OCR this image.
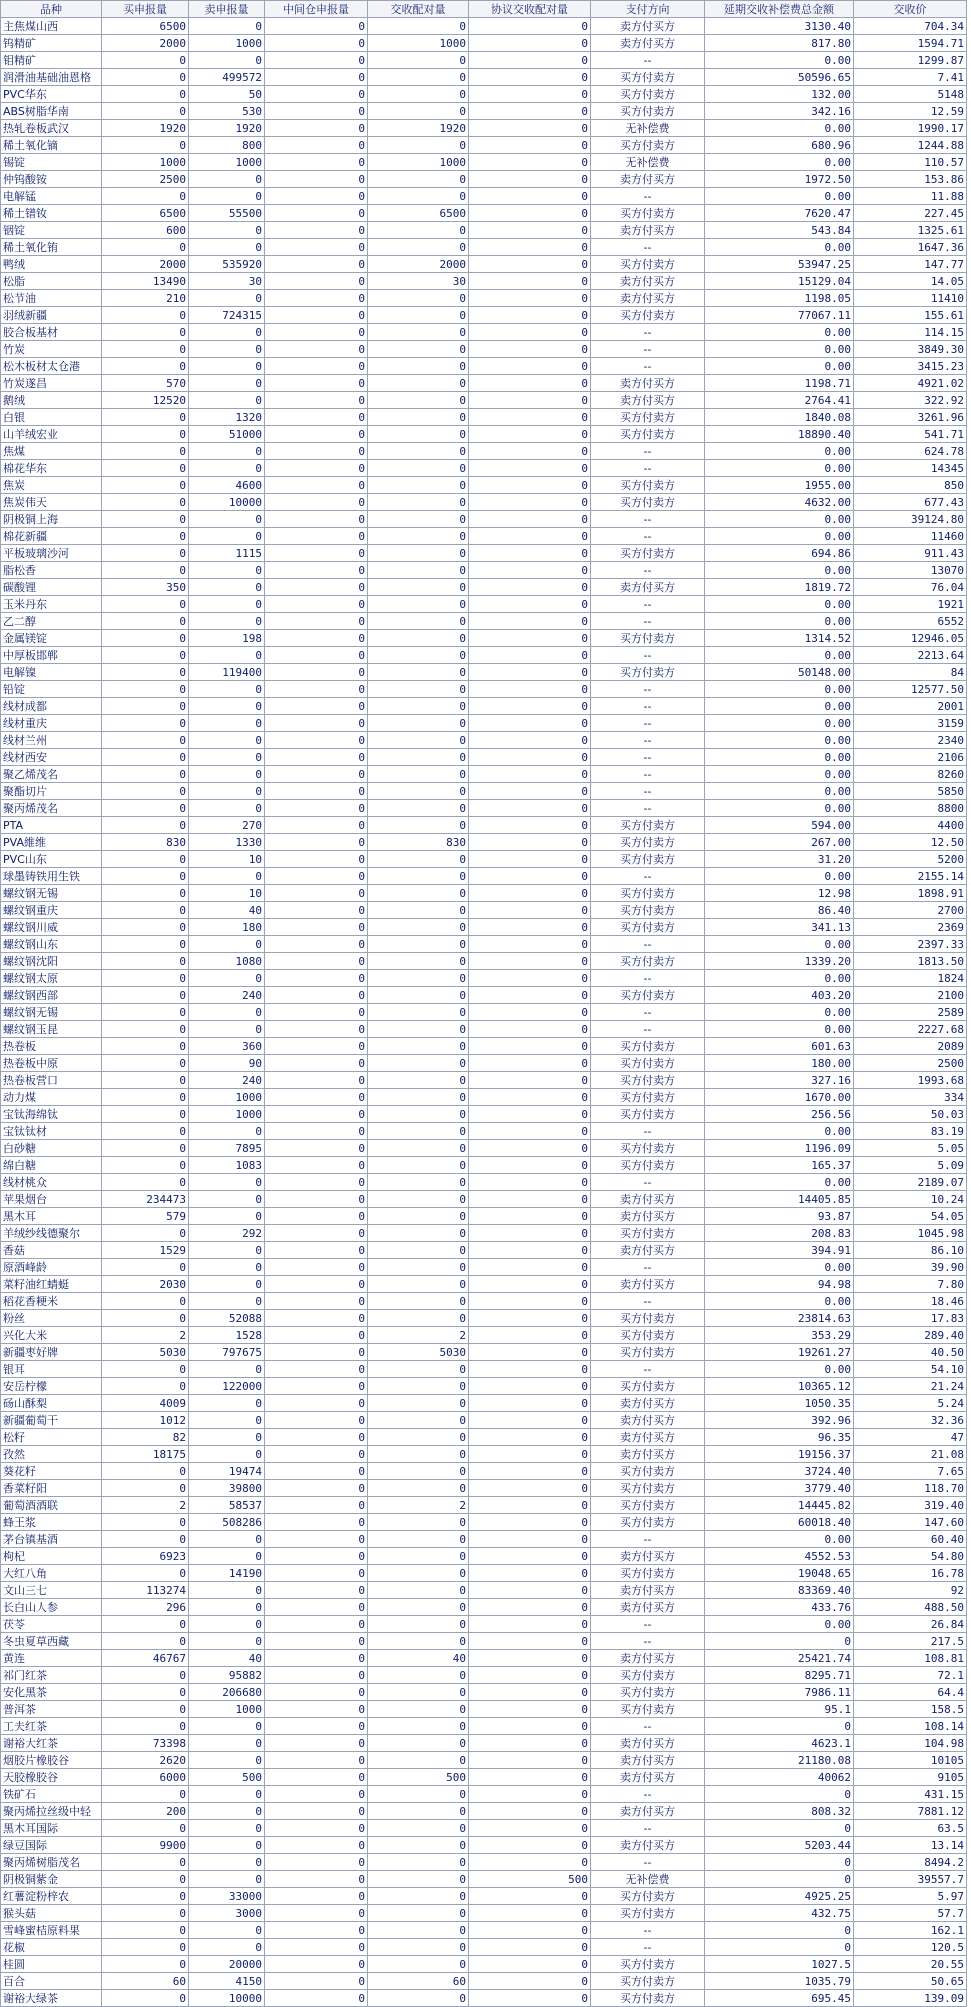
品种	买申报量	卖申报量	中间仓申报量	交收配对量	协议交收配对量	支付方向	延期交收补偿费总金额	交收价
主焦煤山西	6500	0	0	0	0	卖方付买方	3130.40	704.34
钨精矿	2000	1000	0	1000	0	卖方付买方	817.80	1594.71
钼精矿	0	0	0	0	0	--	0.00	1299.87
润滑油基础油恩格	0	499572	0	0	0	买方付卖方	50596.65	7.41
PVC华东	0	50	0	0	0	买方付卖方	132.00	5148
ABS树脂华南	0	530	0	0	0	买方付卖方	342.16	12.59
热轧卷板武汉	1920	1920	0	1920	0	无补偿费	0.00	1990.17
稀土氧化镝	0	800	0	0	0	买方付卖方	680.96	1244.88
锡锭	1000	1000	0	1000	0	无补偿费	0.00	110.57
仲钨酸铵	2500	0	0	0	0	卖方付买方	1972.50	153.86
电解锰	0	0	0	0	0	--	0.00	11.88
稀土镨钕	6500	55500	0	6500	0	买方付卖方	7620.47	227.45
铟锭	600	0	0	0	0	卖方付买方	543.84	1325.61
稀土氧化铕	0	0	0	0	0	--	0.00	1647.36
鸭绒	2000	535920	0	2000	0	买方付卖方	53947.25	147.77
松脂	13490	30	0	30	0	卖方付买方	15129.04	14.05
松节油	210	0	0	0	0	卖方付买方	1198.05	11410
羽绒新疆	0	724315	0	0	0	买方付卖方	77067.11	155.61
胶合板基材	0	0	0	0	0	--	0.00	114.15
竹炭	0	0	0	0	0	--	0.00	3849.30
松木板材太仓港	0	0	0	0	0	--	0.00	3415.23
竹炭遂昌	570	0	0	0	0	卖方付买方	1198.71	4921.02
鹅绒	12520	0	0	0	0	卖方付买方	2764.41	322.92
白银	0	1320	0	0	0	买方付卖方	1840.08	3261.96
山羊绒宏业	0	51000	0	0	0	买方付卖方	18890.40	541.71
焦煤	0	0	0	0	0	--	0.00	624.78
棉花华东	0	0	0	0	0	--	0.00	14345
焦炭	0	4600	0	0	0	买方付卖方	1955.00	850
焦炭伟天	0	10000	0	0	0	买方付卖方	4632.00	677.43
阴极铜上海	0	0	0	0	0	--	0.00	39124.80
棉花新疆	0	0	0	0	0	--	0.00	11460
平板玻璃沙河	0	1115	0	0	0	买方付卖方	694.86	911.43
脂松香	0	0	0	0	0	--	0.00	13070
碳酸锂	350	0	0	0	0	卖方付买方	1819.72	76.04
玉米丹东	0	0	0	0	0	--	0.00	1921
乙二醇	0	0	0	0	0	--	0.00	6552
金属镁锭	0	198	0	0	0	买方付卖方	1314.52	12946.05
中厚板邯郸	0	0	0	0	0	--	0.00	2213.64
电解镍	0	119400	0	0	0	买方付卖方	50148.00	84
铅锭	0	0	0	0	0	--	0.00	12577.50
线材成都	0	0	0	0	0	--	0.00	2001
线材重庆	0	0	0	0	0	--	0.00	3159
线材兰州	0	0	0	0	0	--	0.00	2340
线材西安	0	0	0	0	0	--	0.00	2106
聚乙烯茂名	0	0	0	0	0	--	0.00	8260
聚酯切片	0	0	0	0	0	--	0.00	5850
聚丙烯茂名	0	0	0	0	0	--	0.00	8800
PTA	0	270	0	0	0	买方付卖方	594.00	4400
PVA維维	830	1330	0	830	0	买方付卖方	267.00	12.50
PVC山东	0	10	0	0	0	买方付卖方	31.20	5200
球墨铸铁用生铁	0	0	0	0	0	--	0.00	2155.14
螺纹钢无锡	0	10	0	0	0	买方付卖方	12.98	1898.91
螺纹钢重庆	0	40	0	0	0	买方付卖方	86.40	2700
螺纹钢川威	0	180	0	0	0	买方付卖方	341.13	2369
螺纹钢山东	0	0	0	0	0	--	0.00	2397.33
螺纹钢沈阳	0	1080	0	0	0	买方付卖方	1339.20	1813.50
螺纹钢太原	0	0	0	0	0	--	0.00	1824
螺纹钢西部	0	240	0	0	0	买方付卖方	403.20	2100
螺纹钢无锡	0	0	0	0	0	--	0.00	2589
螺纹钢玉昆	0	0	0	0	0	--	0.00	2227.68
热卷板	0	360	0	0	0	买方付卖方	601.63	2089
热卷板中原	0	90	0	0	0	买方付卖方	180.00	2500
热卷板营口	0	240	0	0	0	买方付卖方	327.16	1993.68
动力煤	0	1000	0	0	0	买方付卖方	1670.00	334
宝钛海绵钛	0	1000	0	0	0	买方付卖方	256.56	50.03
宝钛钛材	0	0	0	0	0	--	0.00	83.19
白砂糖	0	7895	0	0	0	买方付卖方	1196.09	5.05
绵白糖	0	1083	0	0	0	买方付卖方	165.37	5.09
线材桃众	0	0	0	0	0	--	0.00	2189.07
苹果烟台	234473	0	0	0	0	卖方付买方	14405.85	10.24
黑木耳	579	0	0	0	0	卖方付买方	93.87	54.05
羊绒纱线德聚尔	0	292	0	0	0	买方付卖方	208.83	1045.98
香菇	1529	0	0	0	0	卖方付买方	394.91	86.10
原酒峰龄	0	0	0	0	0	--	0.00	39.90
菜籽油红蜻蜓	2030	0	0	0	0	卖方付买方	94.98	7.80
稻花香粳米	0	0	0	0	0	--	0.00	18.46
粉丝	0	52088	0	0	0	买方付卖方	23814.63	17.83
兴化大米	2	1528	0	2	0	买方付卖方	353.29	289.40
新疆枣好牌	5030	797675	0	5030	0	买方付卖方	19261.27	40.50
银耳	0	0	0	0	0	--	0.00	54.10
安岳柠檬	0	122000	0	0	0	买方付卖方	10365.12	21.24
砀山酥梨	4009	0	0	0	0	卖方付买方	1050.35	5.24
新疆葡萄干	1012	0	0	0	0	卖方付买方	392.96	32.36
松籽	82	0	0	0	0	卖方付买方	96.35	47
孜然	18175	0	0	0	0	卖方付买方	19156.37	21.08
葵花籽	0	19474	0	0	0	买方付卖方	3724.40	7.65
香菜籽阳	0	39800	0	0	0	买方付卖方	3779.40	118.70
葡萄酒酒联	2	58537	0	2	0	买方付卖方	14445.82	319.40
蜂王浆	0	508286	0	0	0	买方付卖方	60018.40	147.60
茅台镇基酒	0	0	0	0	0	--	0.00	60.40
枸杞	6923	0	0	0	0	卖方付买方	4552.53	54.80
大红八角	0	14190	0	0	0	买方付卖方	19048.65	16.78
文山三七	113274	0	0	0	0	卖方付买方	83369.40	92
长白山人参	296	0	0	0	0	卖方付买方	433.76	488.50
茯苓	0	0	0	0	0	--	0.00	26.84
冬虫夏草西藏	0	0	0	0	0	--	0	217.5
黄连	46767	40	0	40	0	卖方付买方	25421.74	108.81
祁门红茶	0	95882	0	0	0	买方付卖方	8295.71	72.1
安化黑茶	0	206680	0	0	0	买方付卖方	7986.11	64.4
普洱茶	0	1000	0	0	0	买方付卖方	95.1	158.5
工夫红茶	0	0	0	0	0	--	0	108.14
谢裕大红茶	73398	0	0	0	0	卖方付买方	4623.1	104.98
烟胶片橡胶谷	2620	0	0	0	0	卖方付买方	21180.08	10105
天胶橡胶谷	6000	500	0	500	0	卖方付买方	40062	9105
铁矿石	0	0	0	0	0	--	0	431.15
聚丙烯拉丝级中轻	200	0	0	0	0	卖方付买方	808.32	7881.12
黑木耳国际	0	0	0	0	0	--	0	63.5
绿豆国际	9900	0	0	0	0	卖方付买方	5203.44	13.14
聚丙烯树脂茂名	0	0	0	0	0	--	0	8494.2
阴极铜紫金	0	0	0	0	500	无补偿费	0	39557.7
红薯淀粉梓农	0	33000	0	0	0	买方付卖方	4925.25	5.97
猴头菇	0	3000	0	0	0	买方付卖方	432.75	57.7
雪峰蜜桔原料果	0	0	0	0	0	--	0	162.1
花椒	0	0	0	0	0	--	0	120.5
桂圆	0	20000	0	0	0	买方付卖方	1027.5	20.55
百合	60	4150	0	60	0	买方付卖方	1035.79	50.65
谢裕大绿茶	0	10000	0	0	0	买方付卖方	695.45	139.09
